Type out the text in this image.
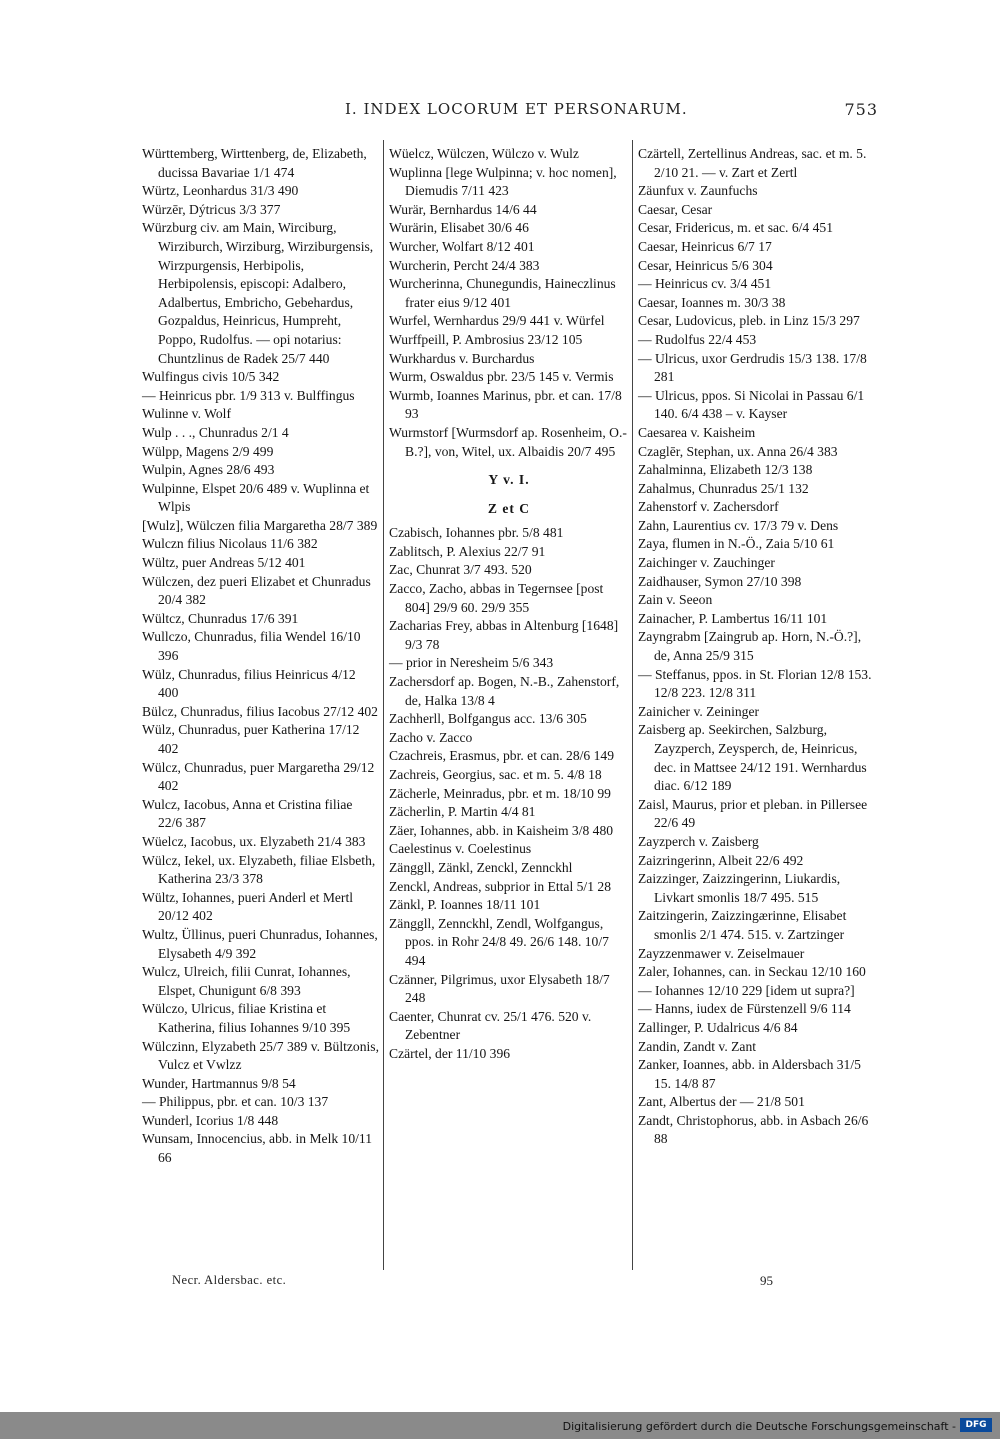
I. INDEX LOCORUM ET PERSONARUM.	753

Württemberg, Wirttenberg, de, Elizabeth, ducissa Bavariae 1/1 474

Würtz, Leonhardus 31/3 490

Würzēr, Dýtricus 3/3 377

Würzburg civ. am Main, Wirciburg, Wirziburch, Wirziburg, Wirziburgensis, Wirzpurgensis, Herbipolis, Herbipolensis, episcopi: Adalbero, Adalbertus, Embricho, Gebehardus, Gozpaldus, Heinricus, Humpreht, Poppo, Rudolfus. — opi notarius: Chuntzlinus de Radek 25/7 440

Wulfingus civis 10/5 342

— Heinricus pbr. 1/9 313 v. Bulffingus

Wulinne v. Wolf

Wulp . . ., Chunradus 2/1 4

Wülpp, Magens 2/9 499

Wulpin, Agnes 28/6 493

Wulpinne, Elspet 20/6 489 v. Wuplinna et Wlpis

[Wulz], Wülczen filia Margaretha 28/7 389

Wulczn filius Nicolaus 11/6 382

Wültz, puer Andreas 5/12 401

Wülczen, dez pueri Elizabet et Chunradus 20/4 382

Wültcz, Chunradus 17/6 391

Wullczo, Chunradus, filia Wendel 16/10 396

Wülz, Chunradus, filius Heinricus 4/12 400

Bülcz, Chunradus, filius Iacobus 27/12 402

Wülz, Chunradus, puer Katherina 17/12 402

Wülcz, Chunradus, puer Margaretha 29/12 402

Wulcz, Iacobus, Anna et Cristina filiae 22/6 387

Wüelcz, Iacobus, ux. Elyzabeth 21/4 383

Wülcz, Iekel, ux. Elyzabeth, filiae Elsbeth, Katherina 23/3 378

Wültz, Iohannes, pueri Anderl et Mertl 20/12 402

Wultz, Üllinus, pueri Chunradus, Iohannes, Elysabeth 4/9 392

Wulcz, Ulreich, filii Cunrat, Iohannes, Elspet, Chunigunt 6/8 393

Wülczo, Ulricus, filiae Kristina et Katherina, filius Iohannes 9/10 395

Wülczinn, Elyzabeth 25/7 389 v. Bültzonis, Vulcz et Vwlzz

Wunder, Hartmannus 9/8 54

— Philippus, pbr. et can. 10/3 137

Wunderl, Icorius 1/8 448

Wunsam, Innocencius, abb. in Melk 10/11 66

Wüelcz, Wülczen, Wülczo v. Wulz

Wuplinna [lege Wulpinna; v. hoc nomen], Diemudis 7/11 423

Wurär, Bernhardus 14/6 44

Wurärin, Elisabet 30/6 46

Wurcher, Wolfart 8/12 401

Wurcherin, Percht 24/4 383

Wurcherinna, Chunegundis, Haineczlinus frater eius 9/12 401

Wurfel, Wernhardus 29/9 441 v. Würfel

Wurffpeill, P. Ambrosius 23/12 105

Wurkhardus v. Burchardus

Wurm, Oswaldus pbr. 23/5 145 v. Vermis

Wurmb, Ioannes Marinus, pbr. et can. 17/8 93

Wurmstorf [Wurmsdorf ap. Rosenheim, O.-B.?], von, Witel, ux. Albaidis 20/7 495

Y v. I.

Z et C

Czabisch, Iohannes pbr. 5/8 481

Zablitsch, P. Alexius 22/7 91

Zac, Chunrat 3/7 493. 520

Zacco, Zacho, abbas in Tegernsee [post 804] 29/9 60. 29/9 355

Zacharias Frey, abbas in Altenburg [1648] 9/3 78

— prior in Neresheim 5/6 343

Zachersdorf ap. Bogen, N.-B., Zahenstorf, de, Halka 13/8 4

Zachherll, Bolfgangus acc. 13/6 305

Zacho v. Zacco

Czachreis, Erasmus, pbr. et can. 28/6 149

Zachreis, Georgius, sac. et m. 5. 4/8 18

Zächerle, Meinradus, pbr. et m. 18/10 99

Zächerlin, P. Martin 4/4 81

Zäer, Iohannes, abb. in Kaisheim 3/8 480

Caelestinus v. Coelestinus

Zänggll, Zänkl, Zenckl, Zennckhl

Zenckl, Andreas, subprior in Ettal 5/1 28

Zänkl, P. Ioannes 18/11 101

Zänggll, Zennckhl, Zendl, Wolfgangus, ppos. in Rohr 24/8 49. 26/6 148. 10/7 494

Czänner, Pilgrimus, uxor Elysabeth 18/7 248

Caenter, Chunrat cv. 25/1 476. 520 v. Zebentner

Czärtel, der 11/10 396

Czärtell, Zertellinus Andreas, sac. et m. 5. 2/10 21. — v. Zart et Zertl

Zäunfux v. Zaunfuchs

Caesar, Cesar

Cesar, Fridericus, m. et sac. 6/4 451

Caesar, Heinricus 6/7 17

Cesar, Heinricus 5/6 304

— Heinricus cv. 3/4 451

Caesar, Ioannes m. 30/3 38

Cesar, Ludovicus, pleb. in Linz 15/3 297

— Rudolfus 22/4 453

— Ulricus, uxor Gerdrudis 15/3 138. 17/8 281

— Ulricus, ppos. Si Nicolai in Passau 6/1 140. 6/4 438 – v. Kayser

Caesarea v. Kaisheim

Czaglēr, Stephan, ux. Anna 26/4 383

Zahalminna, Elizabeth 12/3 138

Zahalmus, Chunradus 25/1 132

Zahenstorf v. Zachersdorf

Zahn, Laurentius cv. 17/3 79 v. Dens

Zaya, flumen in N.-Ö., Zaia 5/10 61

Zaichinger v. Zauchinger

Zaidhauser, Symon 27/10 398

Zain v. Seeon

Zainacher, P. Lambertus 16/11 101

Zayngrabm [Zaingrub ap. Horn, N.-Ö.?], de, Anna 25/9 315

— Steffanus, ppos. in St. Florian 12/8 153. 12/8 223. 12/8 311

Zainicher v. Zeininger

Zaisberg ap. Seekirchen, Salzburg, Zayzperch, Zeysperch, de, Heinricus, dec. in Mattsee 24/12 191. Wernhardus diac. 6/12 189

Zaisl, Maurus, prior et pleban. in Pillersee 22/6 49

Zayzperch v. Zaisberg

Zaizringerinn, Albeit 22/6 492

Zaizzinger, Zaizzingerinn, Liukardis, Livkart smonlis 18/7 495. 515

Zaitzingerin, Zaizzingærinne, Elisabet smonlis 2/1 474. 515. v. Zartzinger

Zayzzenmawer v. Zeiselmauer

Zaler, Iohannes, can. in Seckau 12/10 160

— Iohannes 12/10 229 [idem ut supra?]

— Hanns, iudex de Fürstenzell 9/6 114

Zallinger, P. Udalricus 4/6 84

Zandin, Zandt v. Zant

Zanker, Ioannes, abb. in Aldersbach 31/5 15. 14/8 87

Zant, Albertus der — 21/8 501

Zandt, Christophorus, abb. in Asbach 26/6 88

Necr. Aldersbac. etc.	95
Digitalisierung gefördert durch die Deutsche Forschungsgemeinschaft -	DFG
